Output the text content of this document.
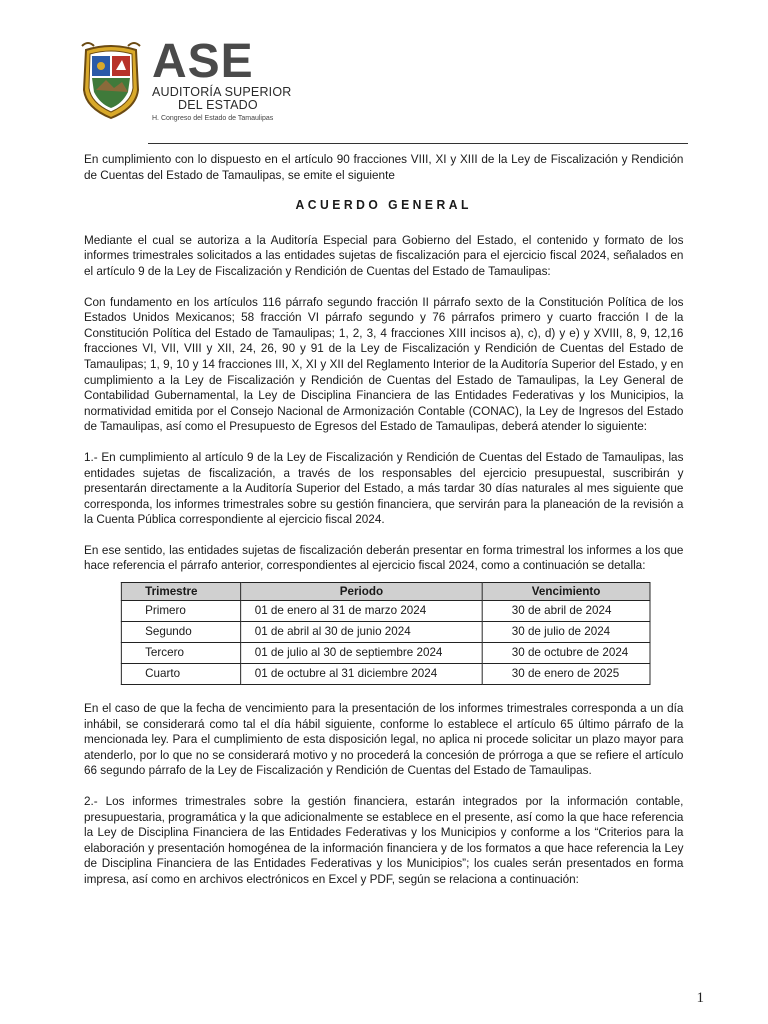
ASE
AUDITORÍA SUPERIOR
DEL ESTADO
H. Congreso del Estado de Tamaulipas

En cumplimiento con lo dispuesto en el artículo 90 fracciones VIII, XI y XIII de la Ley de Fiscalización y Rendición de Cuentas del Estado de Tamaulipas, se emite el siguiente

ACUERDO GENERAL

Mediante el cual se autoriza a la Auditoría Especial para Gobierno del Estado, el contenido y formato de los informes trimestrales solicitados a las entidades sujetas de fiscalización para el ejercicio fiscal 2024, señalados en el artículo 9 de la Ley de Fiscalización y Rendición de Cuentas del Estado de Tamaulipas:

Con fundamento en los artículos 116 párrafo segundo fracción II párrafo sexto de la Constitución Política de los Estados Unidos Mexicanos; 58 fracción VI párrafo segundo y 76 párrafos primero y cuarto fracción I de la Constitución Política del Estado de Tamaulipas; 1, 2, 3, 4 fracciones XIII incisos a), c), d) y e) y XVIII, 8, 9, 12,16 fracciones VI, VII, VIII y XII, 24, 26, 90 y 91 de la Ley de Fiscalización y Rendición de Cuentas del Estado de Tamaulipas; 1, 9, 10 y 14 fracciones III, X, XI y XII del Reglamento Interior de la Auditoría Superior del Estado, y en cumplimiento a la Ley de Fiscalización y Rendición de Cuentas del Estado de Tamaulipas, la Ley General de Contabilidad Gubernamental, la Ley de Disciplina Financiera de las Entidades Federativas y los Municipios, la normatividad emitida por el Consejo Nacional de Armonización Contable (CONAC), la Ley de Ingresos del Estado de Tamaulipas, así como el Presupuesto de Egresos del Estado de Tamaulipas, deberá atender lo siguiente:

1.- En cumplimiento al artículo 9 de la Ley de Fiscalización y Rendición de Cuentas del Estado de Tamaulipas, las entidades sujetas de fiscalización, a través de los responsables del ejercicio presupuestal, suscribirán y presentarán directamente a la Auditoría Superior del Estado, a más tardar 30 días naturales al mes siguiente que corresponda, los informes trimestrales sobre su gestión financiera, que servirán para la planeación de la revisión a la Cuenta Pública correspondiente al ejercicio fiscal 2024.

En ese sentido, las entidades sujetas de fiscalización deberán presentar en forma trimestral los informes a los que hace referencia el párrafo anterior, correspondientes al ejercicio fiscal 2024, como a continuación se detalla:

Trimestre	Periodo	Vencimiento
Primero	01 de enero al 31 de marzo 2024	30 de abril de 2024
Segundo	01 de abril al 30 de junio 2024	30 de julio de 2024
Tercero	01 de julio al 30 de septiembre 2024	30 de octubre de 2024
Cuarto	01 de octubre al 31 diciembre 2024	30 de enero de 2025

En el caso de que la fecha de vencimiento para la presentación de los informes trimestrales corresponda a un día inhábil, se considerará como tal el día hábil siguiente, conforme lo establece el artículo 65 último párrafo de la mencionada ley. Para el cumplimiento de esta disposición legal, no aplica ni procede solicitar un plazo mayor para atenderlo, por lo que no se considerará motivo y no procederá la concesión de prórroga a que se refiere el artículo 66 segundo párrafo de la Ley de Fiscalización y Rendición de Cuentas del Estado de Tamaulipas.

2.- Los informes trimestrales sobre la gestión financiera, estarán integrados por la información contable, presupuestaria, programática y la que adicionalmente se establece en el presente, así como la que hace referencia la Ley de Disciplina Financiera de las Entidades Federativas y los Municipios y conforme a los “Criterios para la elaboración y presentación homogénea de la información financiera y de los formatos a que hace referencia la Ley de Disciplina Financiera de las Entidades Federativas y los Municipios”; los cuales serán presentados en forma impresa, así como en archivos electrónicos en Excel y PDF, según se relaciona a continuación:

1
